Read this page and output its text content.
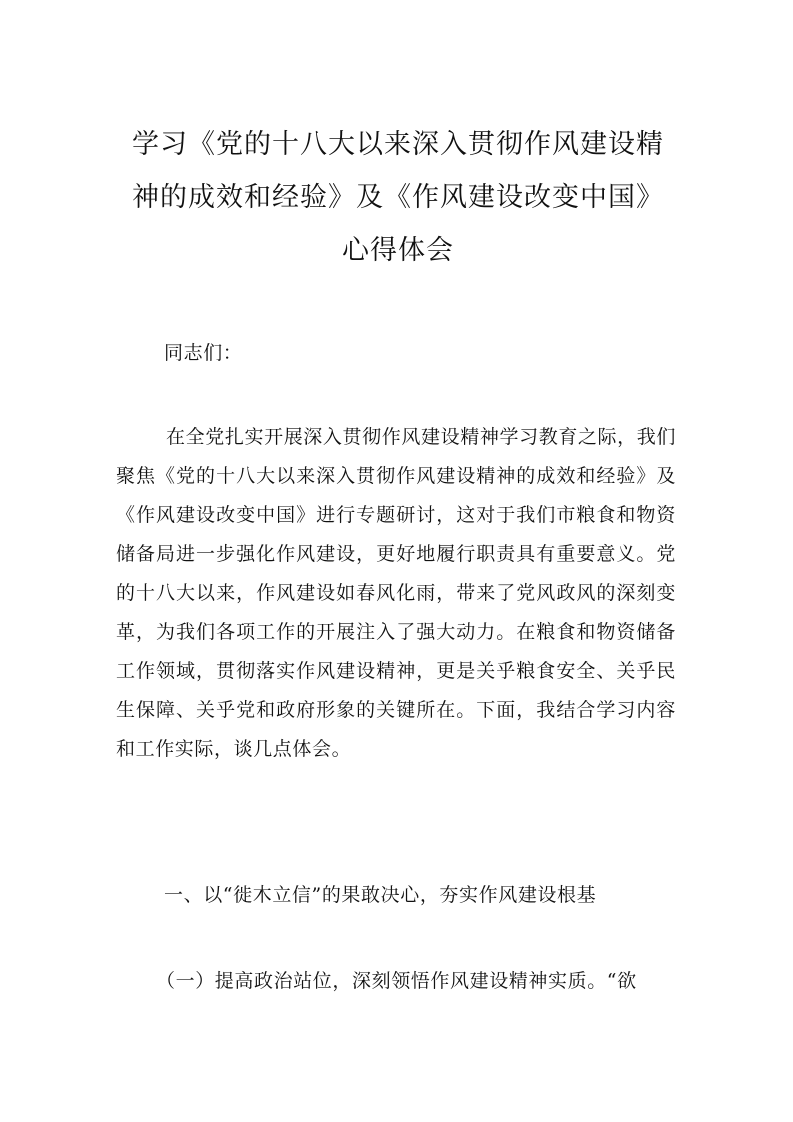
学习《党的十八大以来深入贯彻作风建设精
神的成效和经验》及《作风建设改变中国》
心得体会

同志们：

在全党扎实开展深入贯彻作风建设精神学习教育之际，我们聚焦《党的十八大以来深入贯彻作风建设精神的成效和经验》及《作风建设改变中国》进行专题研讨，这对于我们市粮食和物资储备局进一步强化作风建设，更好地履行职责具有重要意义。党的十八大以来，作风建设如春风化雨，带来了党风政风的深刻变革，为我们各项工作的开展注入了强大动力。在粮食和物资储备工作领域，贯彻落实作风建设精神，更是关乎粮食安全、关乎民生保障、关乎党和政府形象的关键所在。下面，我结合学习内容和工作实际，谈几点体会。

一、以“徙木立信”的果敢决心，夯实作风建设根基

（一）提高政治站位，深刻领悟作风建设精神实质。“欲
